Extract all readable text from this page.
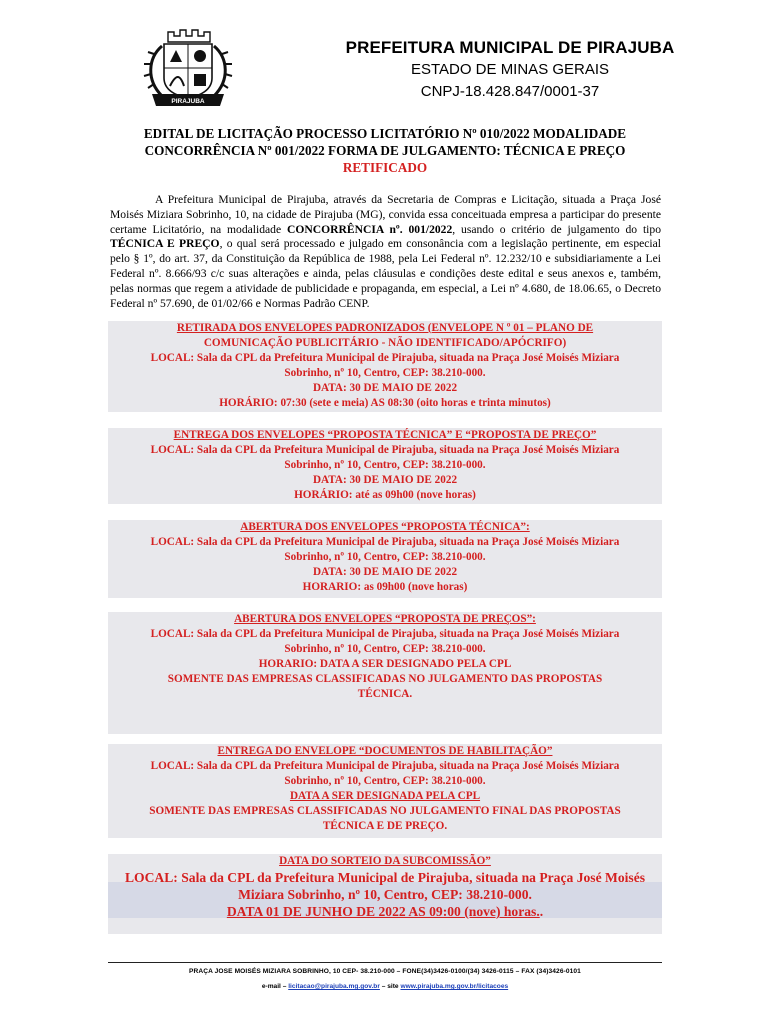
PIRAJUBA
PREFEITURA MUNICIPAL DE PIRAJUBA
ESTADO DE MINAS GERAIS
CNPJ-18.428.847/0001-37
EDITAL DE LICITAÇÃO PROCESSO LICITATÓRIO Nº 010/2022 MODALIDADE
CONCORRÊNCIA Nº 001/2022 FORMA DE JULGAMENTO: TÉCNICA E PREÇO
RETIFICADO

A Prefeitura Municipal de Pirajuba, através da Secretaria de Compras e Licitação, situada a Praça José Moisés Miziara Sobrinho, 10, na cidade de Pirajuba (MG), convida essa conceituada empresa a participar do presente certame Licitatório, na modalidade CONCORRÊNCIA nº. 001/2022, usando o critério de julgamento do tipo TÉCNICA E PREÇO, o qual será processado e julgado em consonância com a legislação pertinente, em especial pelo § 1º, do art. 37, da Constituição da República de 1988, pela Lei Federal nº. 12.232/10 e subsidiariamente a Lei Federal nº. 8.666/93 c/c suas alterações e ainda, pelas cláusulas e condições deste edital e seus anexos e, também, pelas normas que regem a atividade de publicidade e propaganda, em especial, a Lei nº 4.680, de 18.06.65, o Decreto Federal nº 57.690, de 01/02/66 e Normas Padrão CENP.

RETIRADA DOS ENVELOPES PADRONIZADOS (ENVELOPE N º 01 – PLANO DE
COMUNICAÇÃO PUBLICITÁRIO - NÃO IDENTIFICADO/APÓCRIFO)
LOCAL: Sala da CPL da Prefeitura Municipal de Pirajuba, situada na Praça José Moisés Miziara
Sobrinho, nº 10, Centro, CEP: 38.210-000.
DATA: 30 DE MAIO DE 2022
HORÁRIO: 07:30 (sete e meia) AS 08:30 (oito horas e trinta minutos)
ENTREGA DOS ENVELOPES “PROPOSTA TÉCNICA” E “PROPOSTA DE PREÇO”
LOCAL: Sala da CPL da Prefeitura Municipal de Pirajuba, situada na Praça José Moisés Miziara
Sobrinho, nº 10, Centro, CEP: 38.210-000.
DATA: 30 DE MAIO DE 2022
HORÁRIO: até as 09h00 (nove horas)
ABERTURA DOS ENVELOPES “PROPOSTA TÉCNICA”:
LOCAL: Sala da CPL da Prefeitura Municipal de Pirajuba, situada na Praça José Moisés Miziara
Sobrinho, nº 10, Centro, CEP: 38.210-000.
DATA: 30 DE MAIO DE 2022
HORARIO: as 09h00 (nove horas)
ABERTURA DOS ENVELOPES “PROPOSTA DE PREÇOS”:
LOCAL: Sala da CPL da Prefeitura Municipal de Pirajuba, situada na Praça José Moisés Miziara
Sobrinho, nº 10, Centro, CEP: 38.210-000.
HORARIO: DATA A SER DESIGNADO PELA CPL
SOMENTE DAS EMPRESAS CLASSIFICADAS NO JULGAMENTO DAS PROPOSTAS
TÉCNICA.
ENTREGA DO ENVELOPE “DOCUMENTOS DE HABILITAÇÃO”
LOCAL: Sala da CPL da Prefeitura Municipal de Pirajuba, situada na Praça José Moisés Miziara
Sobrinho, nº 10, Centro, CEP: 38.210-000.
DATA A SER DESIGNADA PELA CPL
SOMENTE DAS EMPRESAS CLASSIFICADAS NO JULGAMENTO FINAL DAS PROPOSTAS
TÉCNICA E DE PREÇO.
DATA DO SORTEIO DA SUBCOMISSÃO”
LOCAL: Sala da CPL da Prefeitura Municipal de Pirajuba, situada na Praça José Moisés
Miziara Sobrinho, nº 10, Centro, CEP: 38.210-000.
DATA 01 DE JUNHO DE 2022 AS 09:00 (nove) horas..
PRAÇA JOSE MOISÉS MIZIARA SOBRINHO, 10 CEP- 38.210-000 – FONE(34)3426-0100/(34) 3426-0115 – FAX (34)3426-0101
e-mail – licitacao@pirajuba.mg.gov.br – site www.pirajuba.mg.gov.br/licitacoes
